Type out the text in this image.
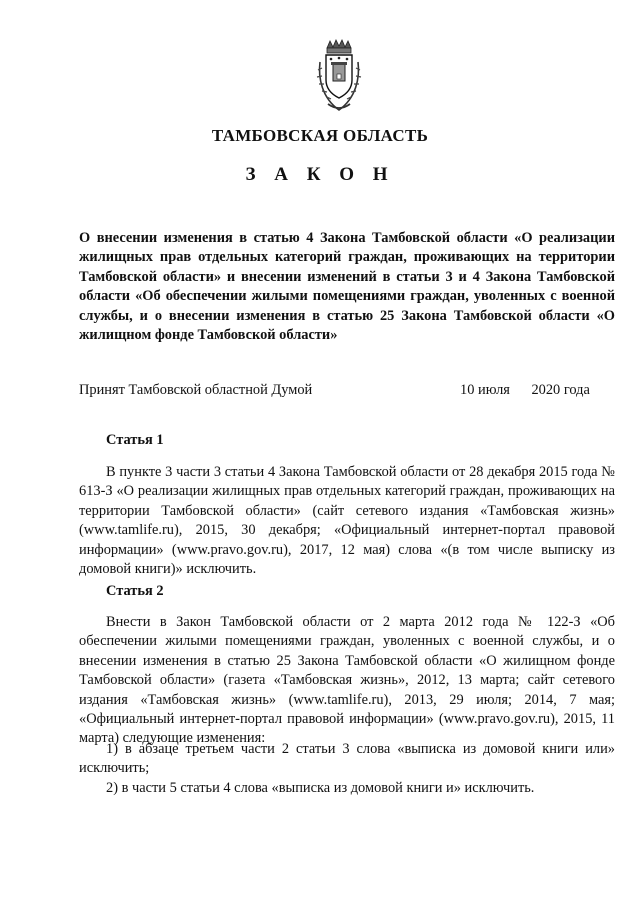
ТАМБОВСКАЯ ОБЛАСТЬ
З А К О Н

О внесении изменения в статью 4 Закона Тамбовской области «О реализации жилищных прав отдельных категорий граждан, проживающих на территории Тамбовской области» и внесении изменений в статьи 3 и 4 Закона Тамбовской области «Об обеспечении жилыми помещениями граждан, уволенных с военной службы, и о внесении изменения в статью 25 Закона Тамбовской области «О жилищном фонде Тамбовской области»

Принят Тамбовской областной Думой	10 июля      2020 года
Статья 1

В пункте 3 части 3 статьи 4 Закона Тамбовской области от 28 декабря 2015 года № 613-З «О реализации жилищных прав отдельных категорий граждан, проживающих на территории Тамбовской области» (сайт сетевого издания «Тамбовская жизнь» (www.tamlife.ru), 2015, 30 декабря; «Официальный интернет-портал правовой информации» (www.pravo.gov.ru), 2017, 12 мая) слова «(в том числе выписку из домовой книги)» исключить.

Статья 2

Внести в Закон Тамбовской области от 2 марта 2012 года № 122-З «Об обеспечении жилыми помещениями граждан, уволенных с военной службы, и о внесении изменения в статью 25 Закона Тамбовской области «О жилищном фонде Тамбовской области» (газета «Тамбовская жизнь», 2012, 13 марта; сайт сетевого издания «Тамбовская жизнь» (www.tamlife.ru), 2013, 29 июля; 2014, 7 мая; «Официальный интернет-портал правовой информации» (www.pravo.gov.ru), 2015, 11 марта) следующие изменения:

1) в абзаце третьем части 2 статьи 3 слова «выписка из домовой книги или» исключить;

2) в части 5 статьи 4 слова «выписка из домовой книги и» исключить.
